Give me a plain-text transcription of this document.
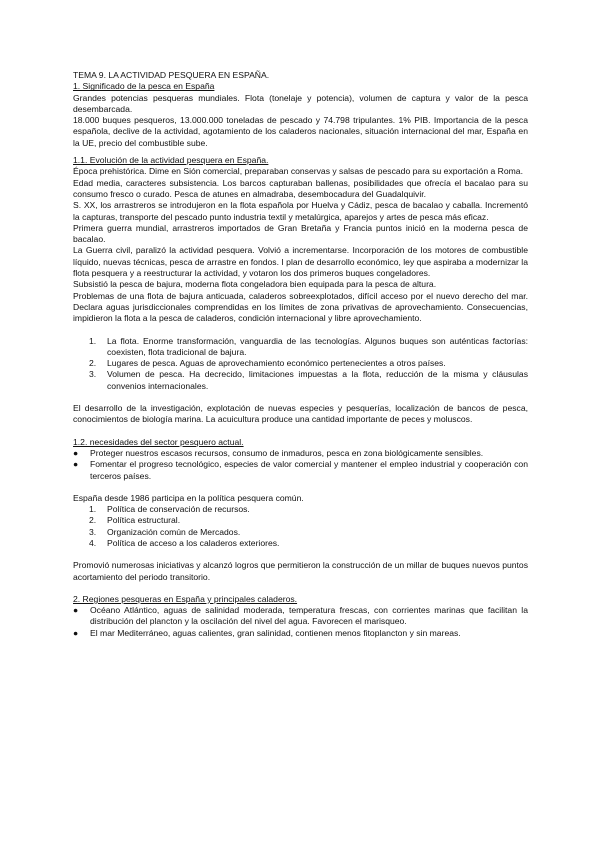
TEMA 9. LA ACTIVIDAD PESQUERA EN ESPAÑA.

1. Significado de la pesca en España

Grandes potencias pesqueras mundiales. Flota (tonelaje y potencia), volumen de captura y valor de la pesca desembarcada.

18.000 buques pesqueros, 13.000.000 toneladas de pescado y 74.798 tripulantes. 1% PIB. Importancia de la pesca española, declive de la actividad, agotamiento de los caladeros nacionales, situación internacional del mar, España en la UE, precio del combustible sube.

1.1. Evolución de la actividad pesquera en España.

Época prehistórica. Dime en Sión comercial, preparaban conservas y salsas de pescado para su exportación a Roma.

Edad media, caracteres subsistencia. Los barcos capturaban ballenas, posibilidades que ofrecía el bacalao para su consumo fresco o curado. Pesca de atunes en almadraba, desembocadura del Guadalquivir.

S. XX, los arrastreros se introdujeron en la flota española por Huelva y Cádiz, pesca de bacalao y caballa. Incrementó la capturas, transporte del pescado punto industria textil y metalúrgica, aparejos y artes de pesca más eficaz.

Primera guerra mundial, arrastreros importados de Gran Bretaña y Francia puntos inició en la moderna pesca de bacalao.

La Guerra civil, paralizó la actividad pesquera. Volvió a incrementarse. Incorporación de los motores de combustible líquido, nuevas técnicas, pesca de arrastre en fondos. I plan de desarrollo económico, ley que aspiraba a modernizar la flota pesquera y a reestructurar la actividad, y votaron los dos primeros buques congeladores.

Subsistió la pesca de bajura, moderna flota congeladora bien equipada para la pesca de altura.

Problemas de una flota de bajura anticuada, caladeros sobreexplotados, difícil acceso por el nuevo derecho del mar. Declara aguas jurisdiccionales comprendidas en los límites de zona privativas de aprovechamiento. Consecuencias, impidieron la flota a la pesca de caladeros, condición internacional y libre aprovechamiento.

1.	La flota. Enorme transformación, vanguardia de las tecnologías. Algunos buques son auténticas factorías: coexisten, flota tradicional de bajura.
2.	Lugares de pesca. Aguas de aprovechamiento económico pertenecientes a otros países.
3.	Volumen de pesca. Ha decrecido, limitaciones impuestas a la flota, reducción de la misma y cláusulas convenios internacionales.

El desarrollo de la investigación, explotación de nuevas especies y pesquerías, localización de bancos de pesca, conocimientos de biología marina. La acuicultura produce una cantidad importante de peces y moluscos.

1.2. necesidades del sector pesquero actual.

●	Proteger nuestros escasos recursos, consumo de inmaduros, pesca en zona biológicamente sensibles.
●	Fomentar el progreso tecnológico, especies de valor comercial y mantener el empleo industrial y cooperación con terceros países.

España desde 1986 participa en la política pesquera común.

1.	Política de conservación de recursos.
2.	Política estructural.
3.	Organización común de Mercados.
4.	Política de acceso a los caladeros exteriores.

Promovió numerosas iniciativas y alcanzó logros que permitieron la construcción de un millar de buques nuevos puntos acortamiento del periodo transitorio.

2. Regiones pesqueras en España y principales caladeros.

●	Océano Atlántico, aguas de salinidad moderada, temperatura frescas, con corrientes marinas que facilitan la distribución del plancton y la oscilación del nivel del agua. Favorecen el marisqueo.
●	El mar Mediterráneo, aguas calientes, gran salinidad, contienen menos fitoplancton y sin mareas.
